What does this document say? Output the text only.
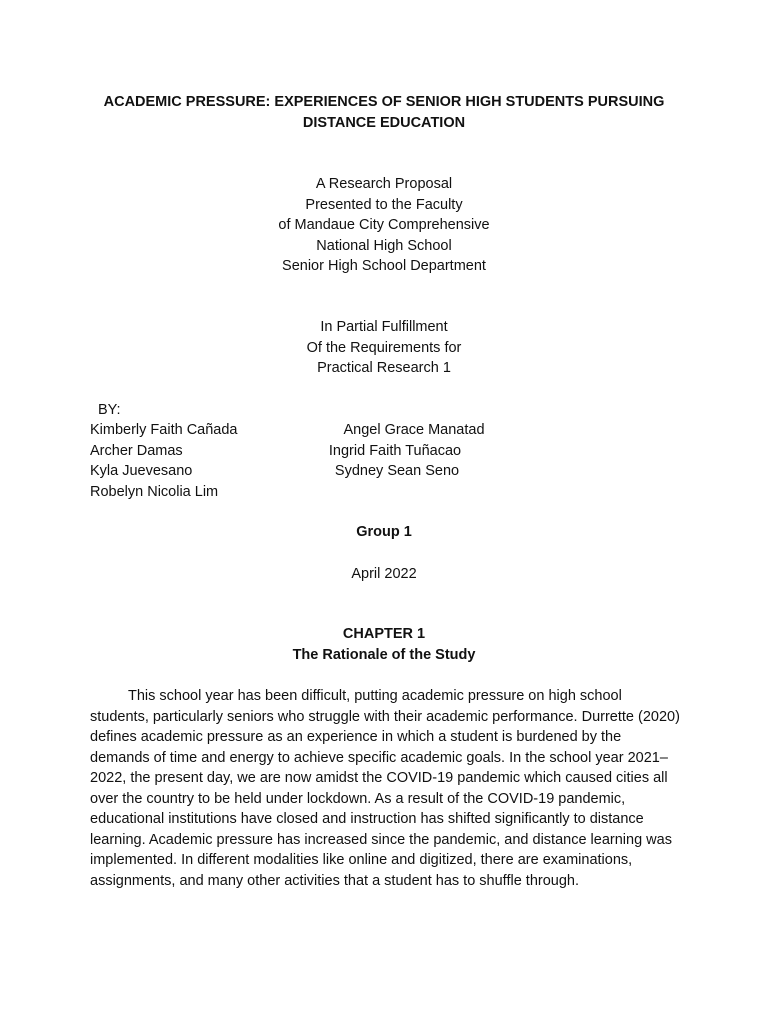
ACADEMIC PRESSURE: EXPERIENCES OF SENIOR HIGH STUDENTS PURSUING
DISTANCE EDUCATION
A Research Proposal
Presented to the Faculty
of Mandaue City Comprehensive
National High School
Senior High School Department
In Partial Fulfillment
Of the Requirements for
Practical Research 1
BY:
Kimberly Faith Cañada
Archer Damas
Kyla Juevesano
Robelyn Nicolia Lim
Angel Grace Manatad
Ingrid Faith Tuñacao
Sydney Sean Seno
Group 1
April 2022
CHAPTER 1
The Rationale of the Study
This school year has been difficult, putting academic pressure on high school students, particularly seniors who struggle with their academic performance. Durrette (2020) defines academic pressure as an experience in which a student is burdened by the demands of time and energy to achieve specific academic goals. In the school year 2021–2022, the present day, we are now amidst the COVID-19 pandemic which caused cities all over the country to be held under lockdown. As a result of the COVID-19 pandemic, educational institutions have closed and instruction has shifted significantly to distance learning. Academic pressure has increased since the pandemic, and distance learning was implemented. In different modalities like online and digitized, there are examinations, assignments, and many other activities that a student has to shuffle through.
